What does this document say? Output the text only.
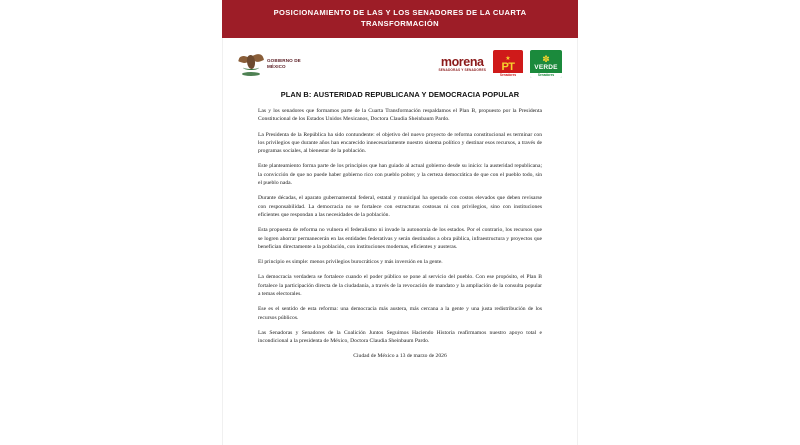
POSICIONAMIENTO DE LAS Y LOS SENADORES DE LA CUARTA TRANSFORMACIÓN
GOBIERNO DE MÉXICO	morena
SENADORAS Y SENADORES
★
PT
Senadores
✽
VERDE
Senadores
PLAN B: AUSTERIDAD REPUBLICANA Y DEMOCRACIA POPULAR

Las y los senadores que formamos parte de la Cuarta Transformación respaldamos el Plan B, propuesto por la Presidenta Constitucional de los Estados Unidos Mexicanos, Doctora Claudia Sheinbaum Pardo.

La Presidenta de la República ha sido contundente: el objetivo del nuevo proyecto de reforma constitucional es terminar con los privilegios que durante años han encarecido innecesariamente nuestro sistema político y destinar esos recursos, a través de programas sociales, al bienestar de la población.

Este planteamiento forma parte de los principios que han guiado al actual gobierno desde su inicio: la austeridad republicana; la convicción de que no puede haber gobierno rico con pueblo pobre; y la certeza democrática de que con el pueblo todo, sin el pueblo nada.

Durante décadas, el aparato gubernamental federal, estatal y municipal ha operado con costos elevados que deben revisarse con responsabilidad. La democracia no se fortalece con estructuras costosas ni con privilegios, sino con instituciones eficientes que respondan a las necesidades de la población.

Esta propuesta de reforma no vulnera el federalismo ni invade la autonomía de los estados. Por el contrario, los recursos que se logren ahorrar permanecerán en las entidades federativas y serán destinados a obra pública, infraestructura y proyectos que benefician directamente a la población, con instituciones modernas, eficientes y austeras.

El principio es simple: menos privilegios burocráticos y más inversión en la gente.

La democracia verdadera se fortalece cuando el poder público se pone al servicio del pueblo. Con ese propósito, el Plan B fortalece la participación directa de la ciudadanía, a través de la revocación de mandato y la ampliación de la consulta popular a temas electorales.

Ese es el sentido de esta reforma: una democracia más austera, más cercana a la gente y una justa redistribución de los recursos públicos.

Las Senadoras y Senadores de la Coalición Juntos Seguimos Haciendo Historia reafirmamos nuestro apoyo total e incondicional a la presidenta de México, Doctora Claudia Sheinbaum Pardo.

Ciudad de México a 13 de marzo de 2026
